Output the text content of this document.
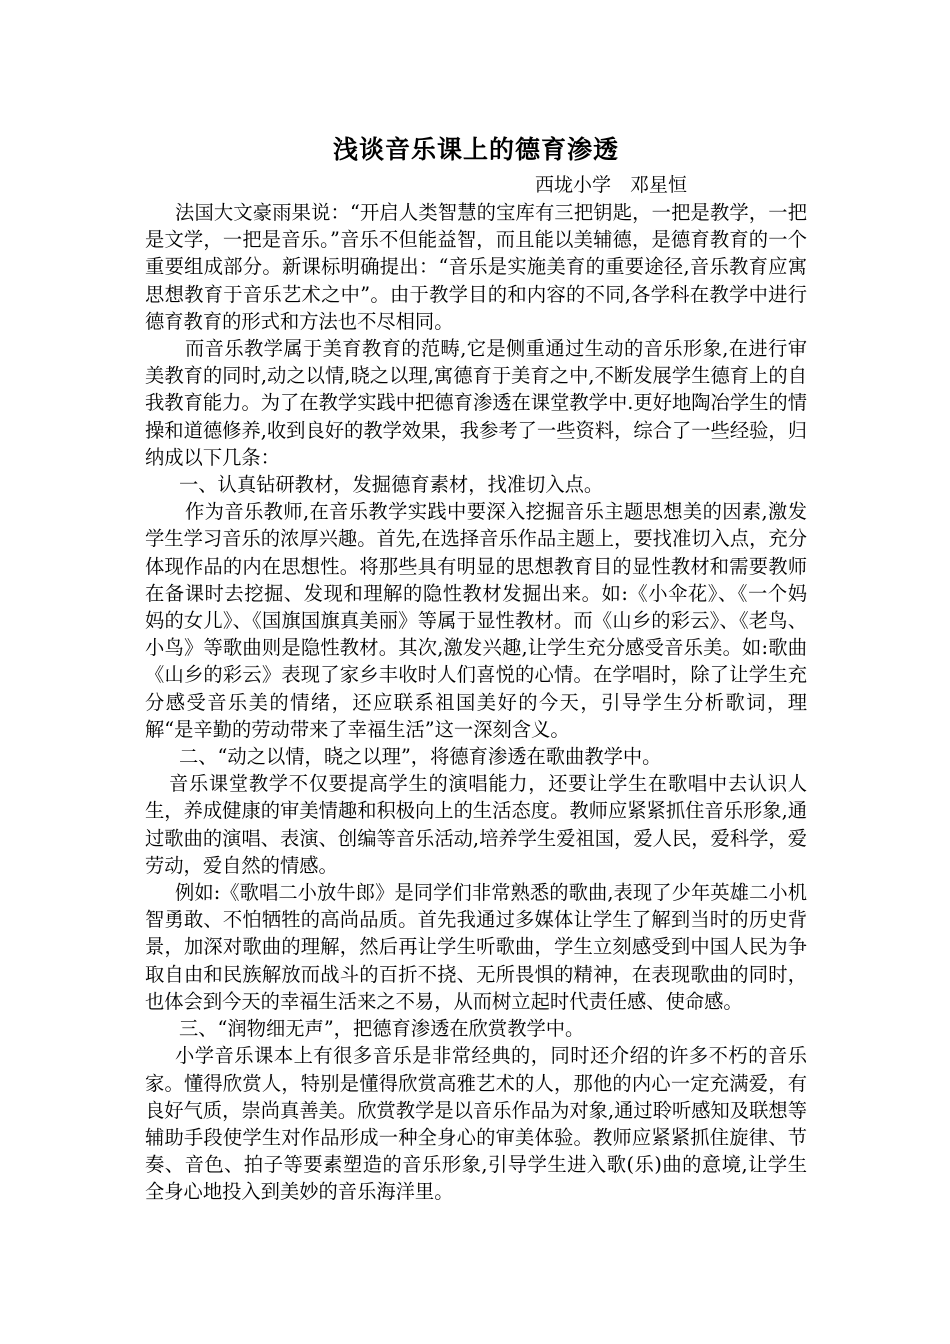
浅谈音乐课上的德育渗透

西垅小学　邓星恒

法国大文豪雨果说：“开启人类智慧的宝库有三把钥匙，一把是教学，一把是文学，一把是音乐。”音乐不但能益智，而且能以美辅德，是德育教育的一个重要组成部分。新课标明确提出：“音乐是实施美育的重要途径,音乐教育应寓思想教育于音乐艺术之中”。由于教学目的和内容的不同,各学科在教学中进行德育教育的形式和方法也不尽相同。

而音乐教学属于美育教育的范畴,它是侧重通过生动的音乐形象,在进行审美教育的同时,动之以情,晓之以理,寓德育于美育之中,不断发展学生德育上的自我教育能力。为了在教学实践中把德育渗透在课堂教学中.更好地陶冶学生的情操和道德修养,收到良好的教学效果，我参考了一些资料，综合了一些经验，归纳成以下几条：

一、认真钻研教材，发掘德育素材，找准切入点。

作为音乐教师,在音乐教学实践中要深入挖掘音乐主题思想美的因素,激发学生学习音乐的浓厚兴趣。首先,在选择音乐作品主题上，要找准切入点，充分体现作品的内在思想性。将那些具有明显的思想教育目的显性教材和需要教师在备课时去挖掘、发现和理解的隐性教材发掘出来。如:《小伞花》、《一个妈妈的女儿》、《国旗国旗真美丽》等属于显性教材。而《山乡的彩云》、《老鸟、小鸟》等歌曲则是隐性教材。其次,激发兴趣,让学生充分感受音乐美。如:歌曲《山乡的彩云》表现了家乡丰收时人们喜悦的心情。在学唱时，除了让学生充分感受音乐美的情绪，还应联系祖国美好的今天，引导学生分析歌词，理解“是辛勤的劳动带来了幸福生活”这一深刻含义。

二、“动之以情，晓之以理”，将德育渗透在歌曲教学中。

音乐课堂教学不仅要提高学生的演唱能力，还要让学生在歌唱中去认识人生，养成健康的审美情趣和积极向上的生活态度。教师应紧紧抓住音乐形象,通过歌曲的演唱、表演、创编等音乐活动,培养学生爱祖国，爱人民，爱科学，爱劳动，爱自然的情感。

例如:《歌唱二小放牛郎》是同学们非常熟悉的歌曲,表现了少年英雄二小机智勇敢、不怕牺牲的高尚品质。首先我通过多媒体让学生了解到当时的历史背景，加深对歌曲的理解，然后再让学生听歌曲，学生立刻感受到中国人民为争取自由和民族解放而战斗的百折不挠、无所畏惧的精神，在表现歌曲的同时，也体会到今天的幸福生活来之不易，从而树立起时代责任感、使命感。

三、“润物细无声”，把德育渗透在欣赏教学中。

小学音乐课本上有很多音乐是非常经典的，同时还介绍的许多不朽的音乐家。懂得欣赏人，特别是懂得欣赏高雅艺术的人，那他的内心一定充满爱，有良好气质，崇尚真善美。欣赏教学是以音乐作品为对象,通过聆听感知及联想等辅助手段使学生对作品形成一种全身心的审美体验。教师应紧紧抓住旋律、节奏、音色、拍子等要素塑造的音乐形象,引导学生进入歌(乐)曲的意境,让学生全身心地投入到美妙的音乐海洋里。
